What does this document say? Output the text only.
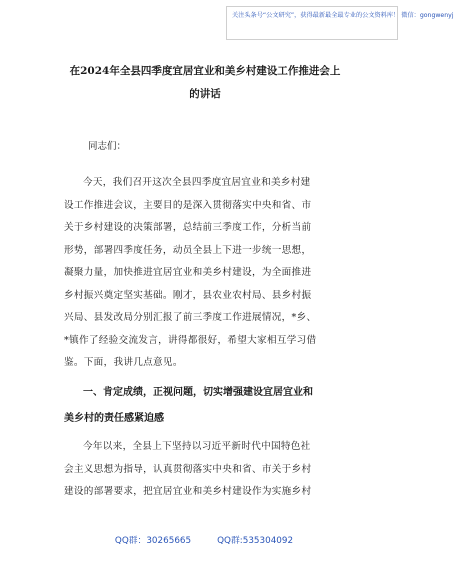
关注头条号“公文研究”，获得最新最全最专业的公文资料库！ 微信：gongwenyj
在2024年全县四季度宜居宜业和美乡村建设工作推进会上
的讲话
同志们：
今天，我们召开这次全县四季度宜居宜业和美乡村建
设工作推进会议，主要目的是深入贯彻落实中央和省、市
关于乡村建设的决策部署，总结前三季度工作，分析当前
形势，部署四季度任务，动员全县上下进一步统一思想，
凝聚力量，加快推进宜居宜业和美乡村建设，为全面推进
乡村振兴奠定坚实基础。刚才，县农业农村局、县乡村振
兴局、县发改局分别汇报了前三季度工作进展情况，*乡、
*镇作了经验交流发言，讲得都很好，希望大家相互学习借
鉴。下面，我讲几点意见。
一、肯定成绩，正视问题，切实增强建设宜居宜业和
美乡村的责任感紧迫感
今年以来，全县上下坚持以习近平新时代中国特色社
会主义思想为指导，认真贯彻落实中央和省、市关于乡村
建设的部署要求，把宜居宜业和美乡村建设作为实施乡村
QQ群：30265665	QQ群:535304092
